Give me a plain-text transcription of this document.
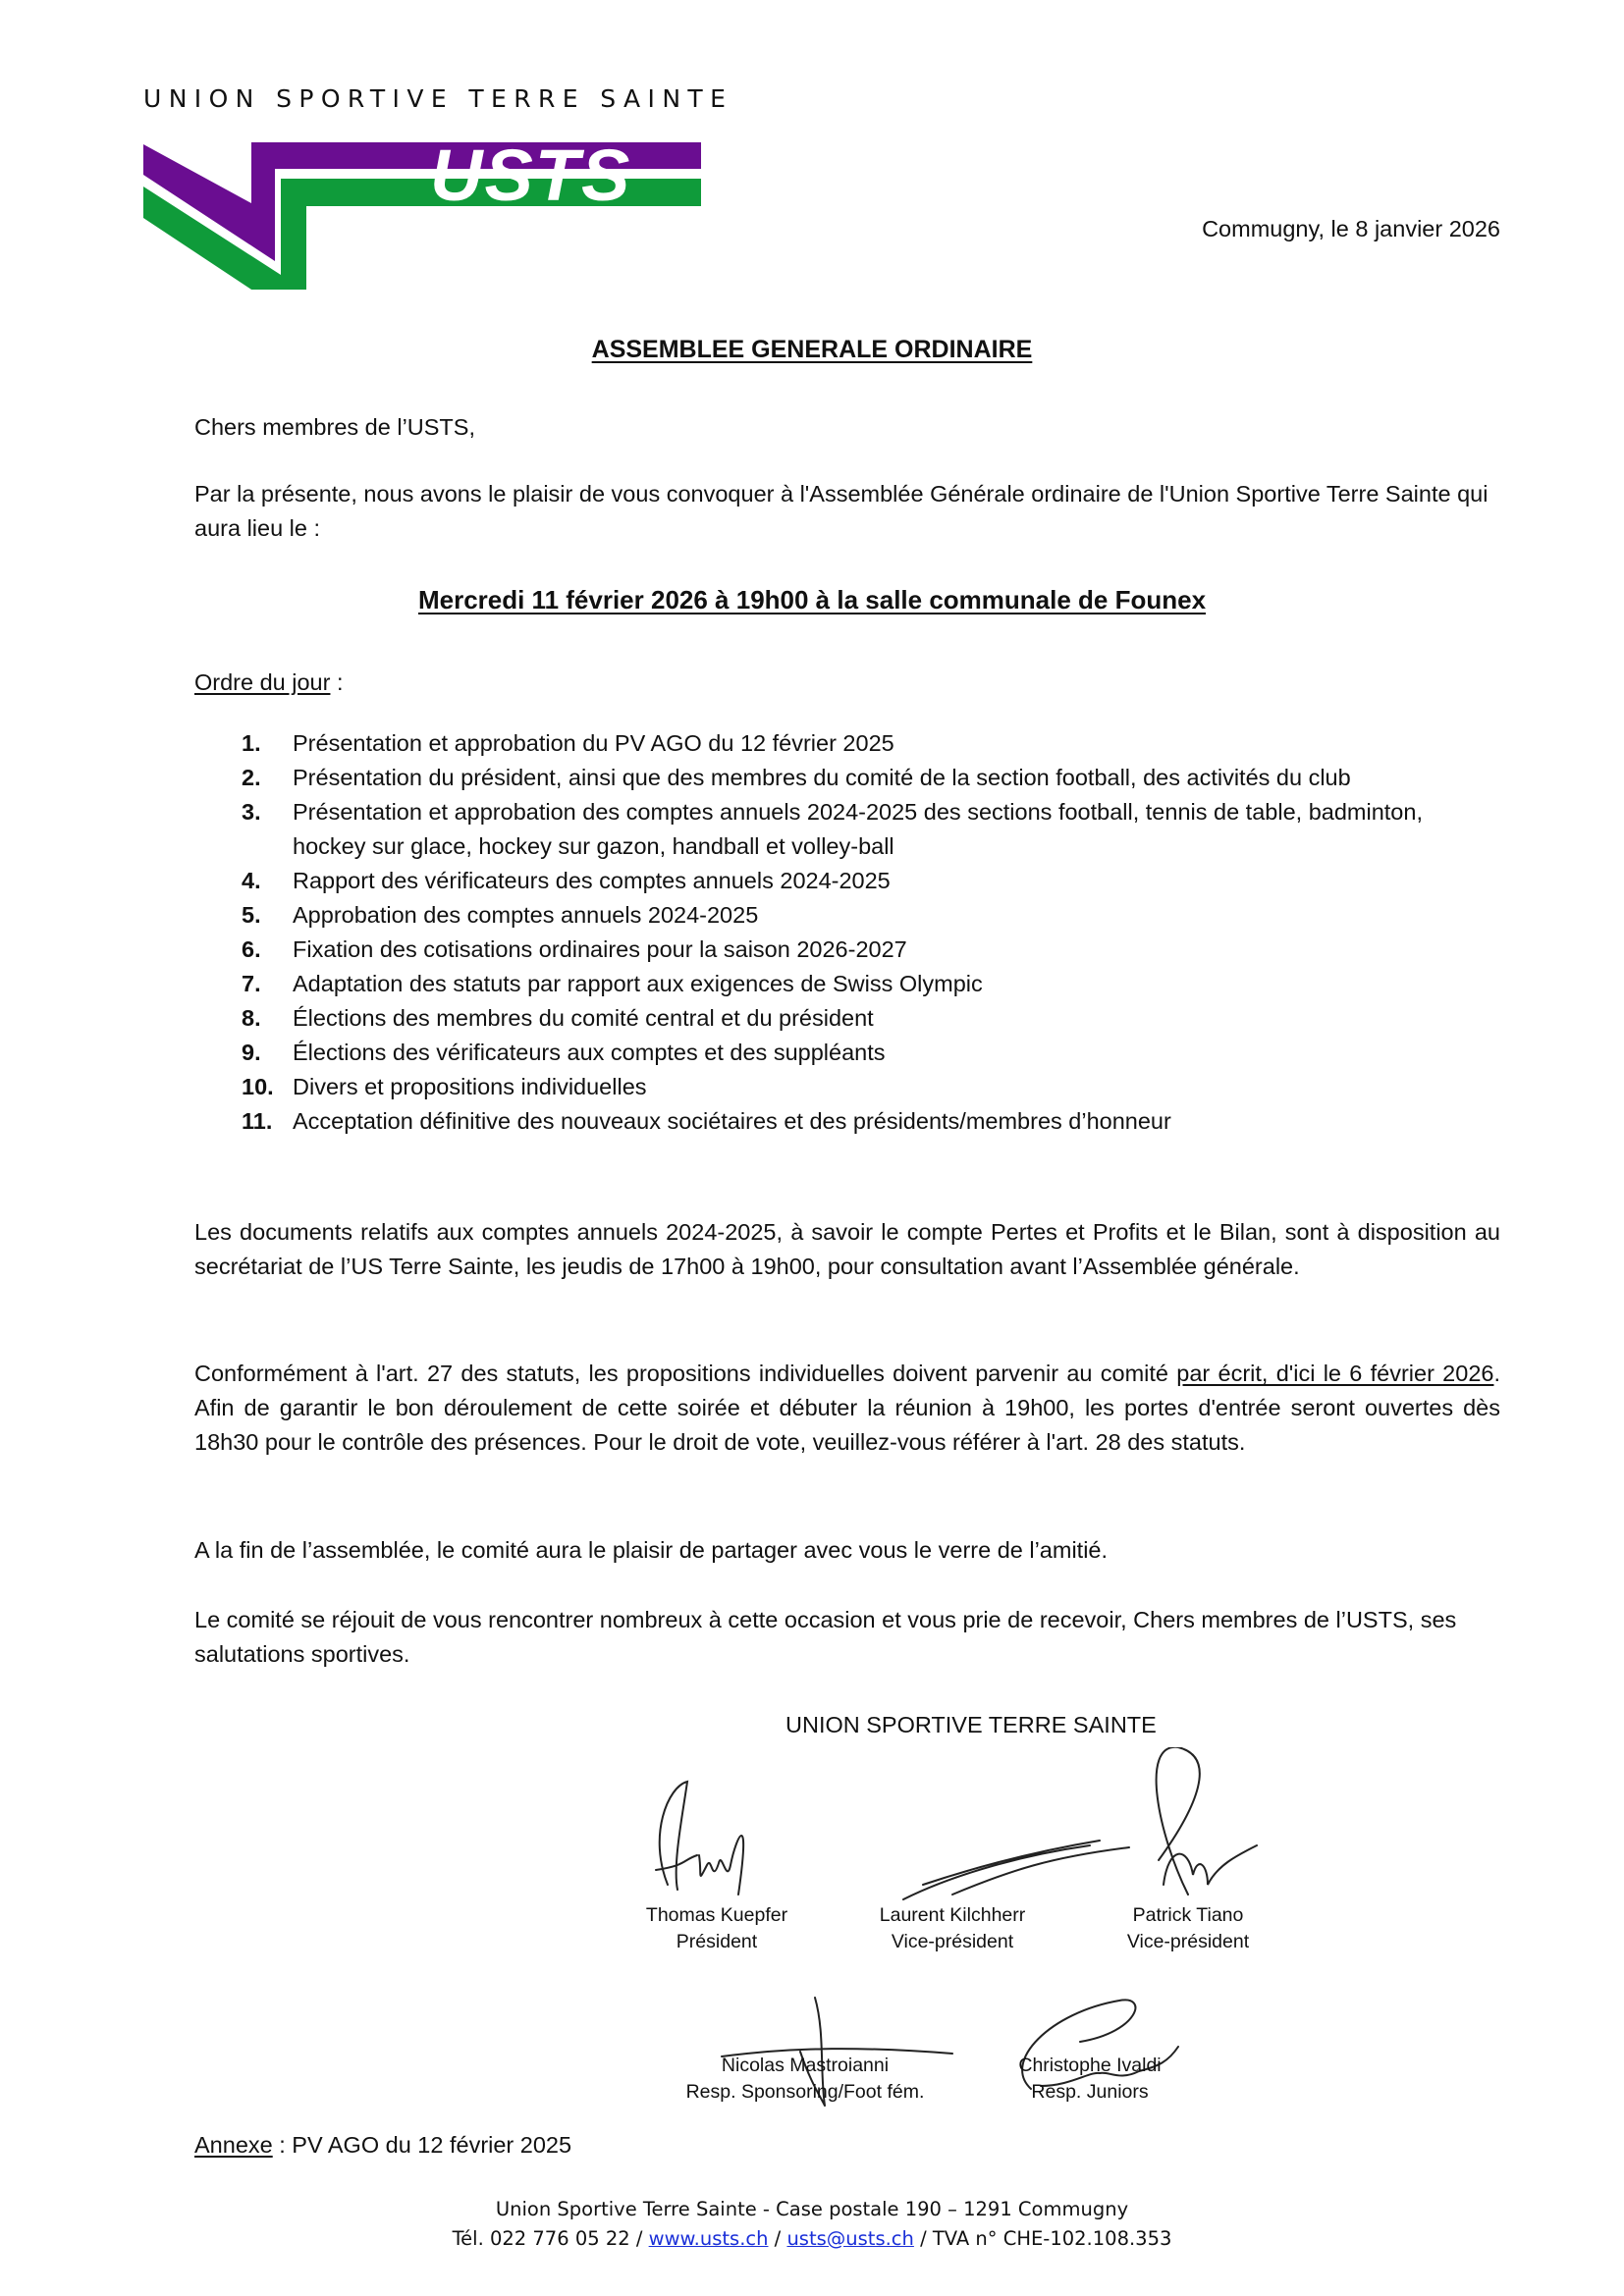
UNION SPORTIVE TERRE SAINTE
USTS
Commugny, le 8 janvier 2026
ASSEMBLEE GENERALE ORDINAIRE
Chers membres de l’USTS,
Par la présente, nous avons le plaisir de vous convoquer à l'Assemblée Générale ordinaire de l'Union Sportive Terre Sainte qui aura lieu le :
Mercredi 11 février 2026 à 19h00 à la salle communale de Founex
Ordre du jour :
1. Présentation et approbation du PV AGO du 12 février 2025
2. Présentation du président, ainsi que des membres du comité de la section football, des activités du club
3. Présentation et approbation des comptes annuels 2024-2025 des sections football, tennis de table, badminton, hockey sur glace, hockey sur gazon, handball et volley-ball
4. Rapport des vérificateurs des comptes annuels 2024-2025
5. Approbation des comptes annuels 2024-2025
6. Fixation des cotisations ordinaires pour la saison 2026-2027
7. Adaptation des statuts par rapport aux exigences de Swiss Olympic
8. Élections des membres du comité central et du président
9. Élections des vérificateurs aux comptes et des suppléants
10. Divers et propositions individuelles
11. Acceptation définitive des nouveaux sociétaires et des présidents/membres d’honneur
Les documents relatifs aux comptes annuels 2024-2025, à savoir le compte Pertes et Profits et le Bilan, sont à disposition au secrétariat de l’US Terre Sainte, les jeudis de 17h00 à 19h00, pour consultation avant l’Assemblée générale.
Conformément à l'art. 27 des statuts, les propositions individuelles doivent parvenir au comité par écrit, d'ici le 6 février 2026. Afin de garantir le bon déroulement de cette soirée et débuter la réunion à 19h00, les portes d'entrée seront ouvertes dès 18h30 pour le contrôle des présences. Pour le droit de vote, veuillez-vous référer à l'art. 28 des statuts.
A la fin de l’assemblée, le comité aura le plaisir de partager avec vous le verre de l’amitié.
Le comité se réjouit de vous rencontrer nombreux à cette occasion et vous prie de recevoir, Chers membres de l’USTS, ses salutations sportives.
UNION SPORTIVE TERRE SAINTE
Thomas Kuepfer
Président
Laurent Kilchherr
Vice-président
Patrick Tiano
Vice-président
Nicolas Mastroianni
Resp. Sponsoring/Foot fém.
Christophe Ivaldi
Resp. Juniors
Annexe : PV AGO du 12 février 2025
Union Sportive Terre Sainte - Case postale 190 – 1291 Commugny
Tél. 022 776 05 22 / www.usts.ch / usts@usts.ch / TVA n° CHE-102.108.353
